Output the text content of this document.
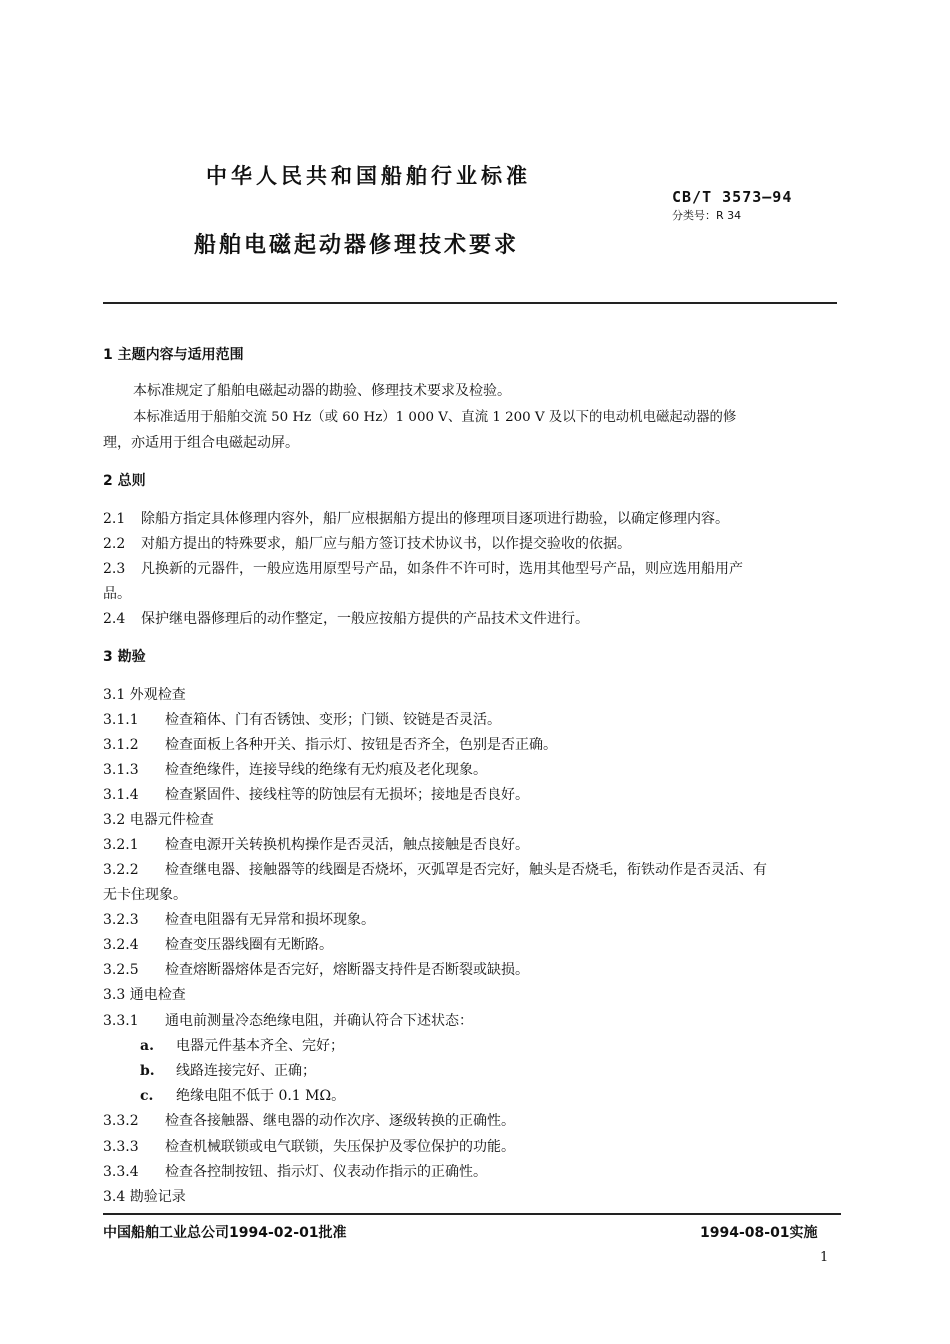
中华人民共和国船舶行业标准
CB/T 3573—94
分类号：R 34
船舶电磁起动器修理技术要求
1 主题内容与适用范围
本标准规定了船舶电磁起动器的勘验、修理技术要求及检验。
本标准适用于船舶交流 50 Hz（或 60 Hz）1 000 V、直流 1 200 V 及以下的电动机电磁起动器的修
理，亦适用于组合电磁起动屏。
2 总则
2.1 除船方指定具体修理内容外，船厂应根据船方提出的修理项目逐项进行勘验，以确定修理内容。
2.2 对船方提出的特殊要求，船厂应与船方签订技术协议书，以作提交验收的依据。
2.3 凡换新的元器件，一般应选用原型号产品，如条件不许可时，选用其他型号产品，则应选用船用产
品。
2.4 保护继电器修理后的动作整定，一般应按船方提供的产品技术文件进行。
3 勘验
3.1 外观检查
3.1.1 检查箱体、门有否锈蚀、变形；门锁、铰链是否灵活。
3.1.2 检查面板上各种开关、指示灯、按钮是否齐全，色别是否正确。
3.1.3 检查绝缘件，连接导线的绝缘有无灼痕及老化现象。
3.1.4 检查紧固件、接线柱等的防蚀层有无损坏；接地是否良好。
3.2 电器元件检查
3.2.1 检查电源开关转换机构操作是否灵活，触点接触是否良好。
3.2.2 检查继电器、接触器等的线圈是否烧坏，灭弧罩是否完好，触头是否烧毛，衔铁动作是否灵活、有
无卡住现象。
3.2.3 检查电阻器有无异常和损坏现象。
3.2.4 检查变压器线圈有无断路。
3.2.5 检查熔断器熔体是否完好，熔断器支持件是否断裂或缺损。
3.3 通电检查
3.3.1 通电前测量冷态绝缘电阻，并确认符合下述状态：
a. 电器元件基本齐全、完好；
b. 线路连接完好、正确；
c. 绝缘电阻不低于 0.1 MΩ。
3.3.2 检查各接触器、继电器的动作次序、逐级转换的正确性。
3.3.3 检查机械联锁或电气联锁，失压保护及零位保护的功能。
3.3.4 检查各控制按钮、指示灯、仪表动作指示的正确性。
3.4 勘验记录
中国船舶工业总公司1994-02-01批准	1994-08-01实施
1
